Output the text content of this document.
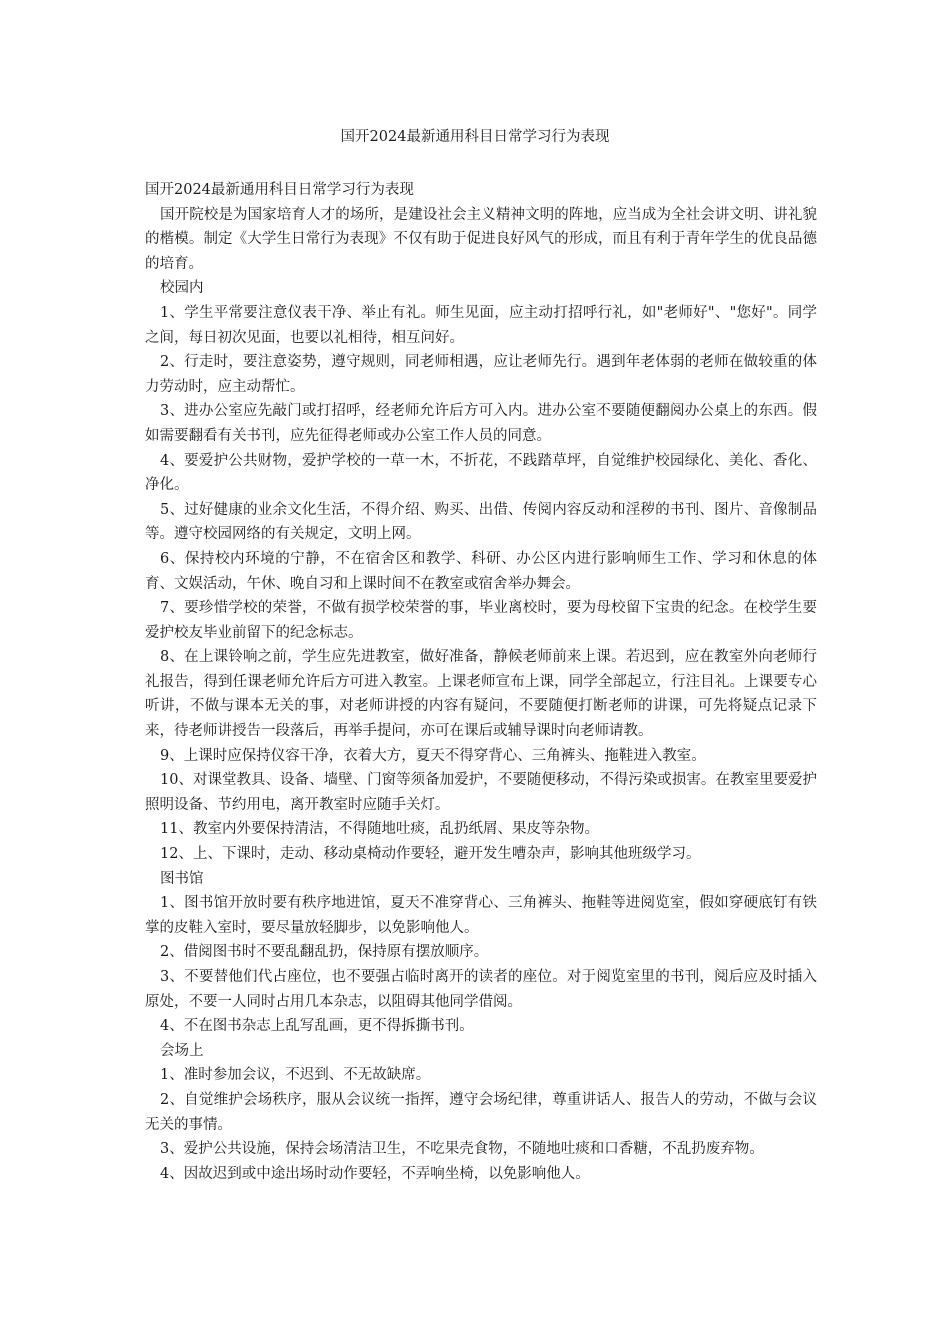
国开2024最新通用科目日常学习行为表现

国开2024最新通用科目日常学习行为表现

国开院校是为国家培育人才的场所，是建设社会主义精神文明的阵地，应当成为全社会讲文明、讲礼貌的楷模。制定《大学生日常行为表现》不仅有助于促进良好风气的形成，而且有利于青年学生的优良品德的培育。

校园内

1、学生平常要注意仪表干净、举止有礼。师生见面，应主动打招呼行礼，如"老师好"、"您好"。同学之间，每日初次见面，也要以礼相待，相互问好。

2、行走时，要注意姿势，遵守规则，同老师相遇，应让老师先行。遇到年老体弱的老师在做较重的体力劳动时，应主动帮忙。

3、进办公室应先敲门或打招呼，经老师允许后方可入内。进办公室不要随便翻阅办公桌上的东西。假如需要翻看有关书刊，应先征得老师或办公室工作人员的同意。

4、要爱护公共财物，爱护学校的一草一木，不折花，不践踏草坪，自觉维护校园绿化、美化、香化、净化。

5、过好健康的业余文化生活，不得介绍、购买、出借、传阅内容反动和淫秽的书刊、图片、音像制品等。遵守校园网络的有关规定，文明上网。

6、保持校内环境的宁静，不在宿舍区和教学、科研、办公区内进行影响师生工作、学习和休息的体育、文娱活动，午休、晚自习和上课时间不在教室或宿舍举办舞会。

7、要珍惜学校的荣誉，不做有损学校荣誉的事，毕业离校时，要为母校留下宝贵的纪念。在校学生要爱护校友毕业前留下的纪念标志。

8、在上课铃响之前，学生应先进教室，做好准备，静候老师前来上课。若迟到，应在教室外向老师行礼报告，得到任课老师允许后方可进入教室。上课老师宣布上课，同学全部起立，行注目礼。上课要专心听讲，不做与课本无关的事，对老师讲授的内容有疑问，不要随便打断老师的讲课，可先将疑点记录下来，待老师讲授告一段落后，再举手提问，亦可在课后或辅导课时向老师请教。

9、上课时应保持仪容干净，衣着大方，夏天不得穿背心、三角裤头、拖鞋进入教室。

10、对课堂教具、设备、墙壁、门窗等须备加爱护，不要随便移动，不得污染或损害。在教室里要爱护照明设备、节约用电，离开教室时应随手关灯。

11、教室内外要保持清洁，不得随地吐痰，乱扔纸屑、果皮等杂物。

12、上、下课时，走动、移动桌椅动作要轻，避开发生嘈杂声，影响其他班级学习。

图书馆

1、图书馆开放时要有秩序地进馆，夏天不准穿背心、三角裤头、拖鞋等进阅览室，假如穿硬底钉有铁掌的皮鞋入室时，要尽量放轻脚步，以免影响他人。

2、借阅图书时不要乱翻乱扔，保持原有摆放顺序。

3、不要替他们代占座位，也不要强占临时离开的读者的座位。对于阅览室里的书刊，阅后应及时插入原处，不要一人同时占用几本杂志，以阻碍其他同学借阅。

4、不在图书杂志上乱写乱画，更不得拆撕书刊。

会场上

1、准时参加会议，不迟到、不无故缺席。

2、自觉维护会场秩序，服从会议统一指挥，遵守会场纪律，尊重讲话人、报告人的劳动，不做与会议无关的事情。

3、爱护公共设施，保持会场清洁卫生，不吃果壳食物，不随地吐痰和口香糖，不乱扔废弃物。

4、因故迟到或中途出场时动作要轻，不弄响坐椅，以免影响他人。
